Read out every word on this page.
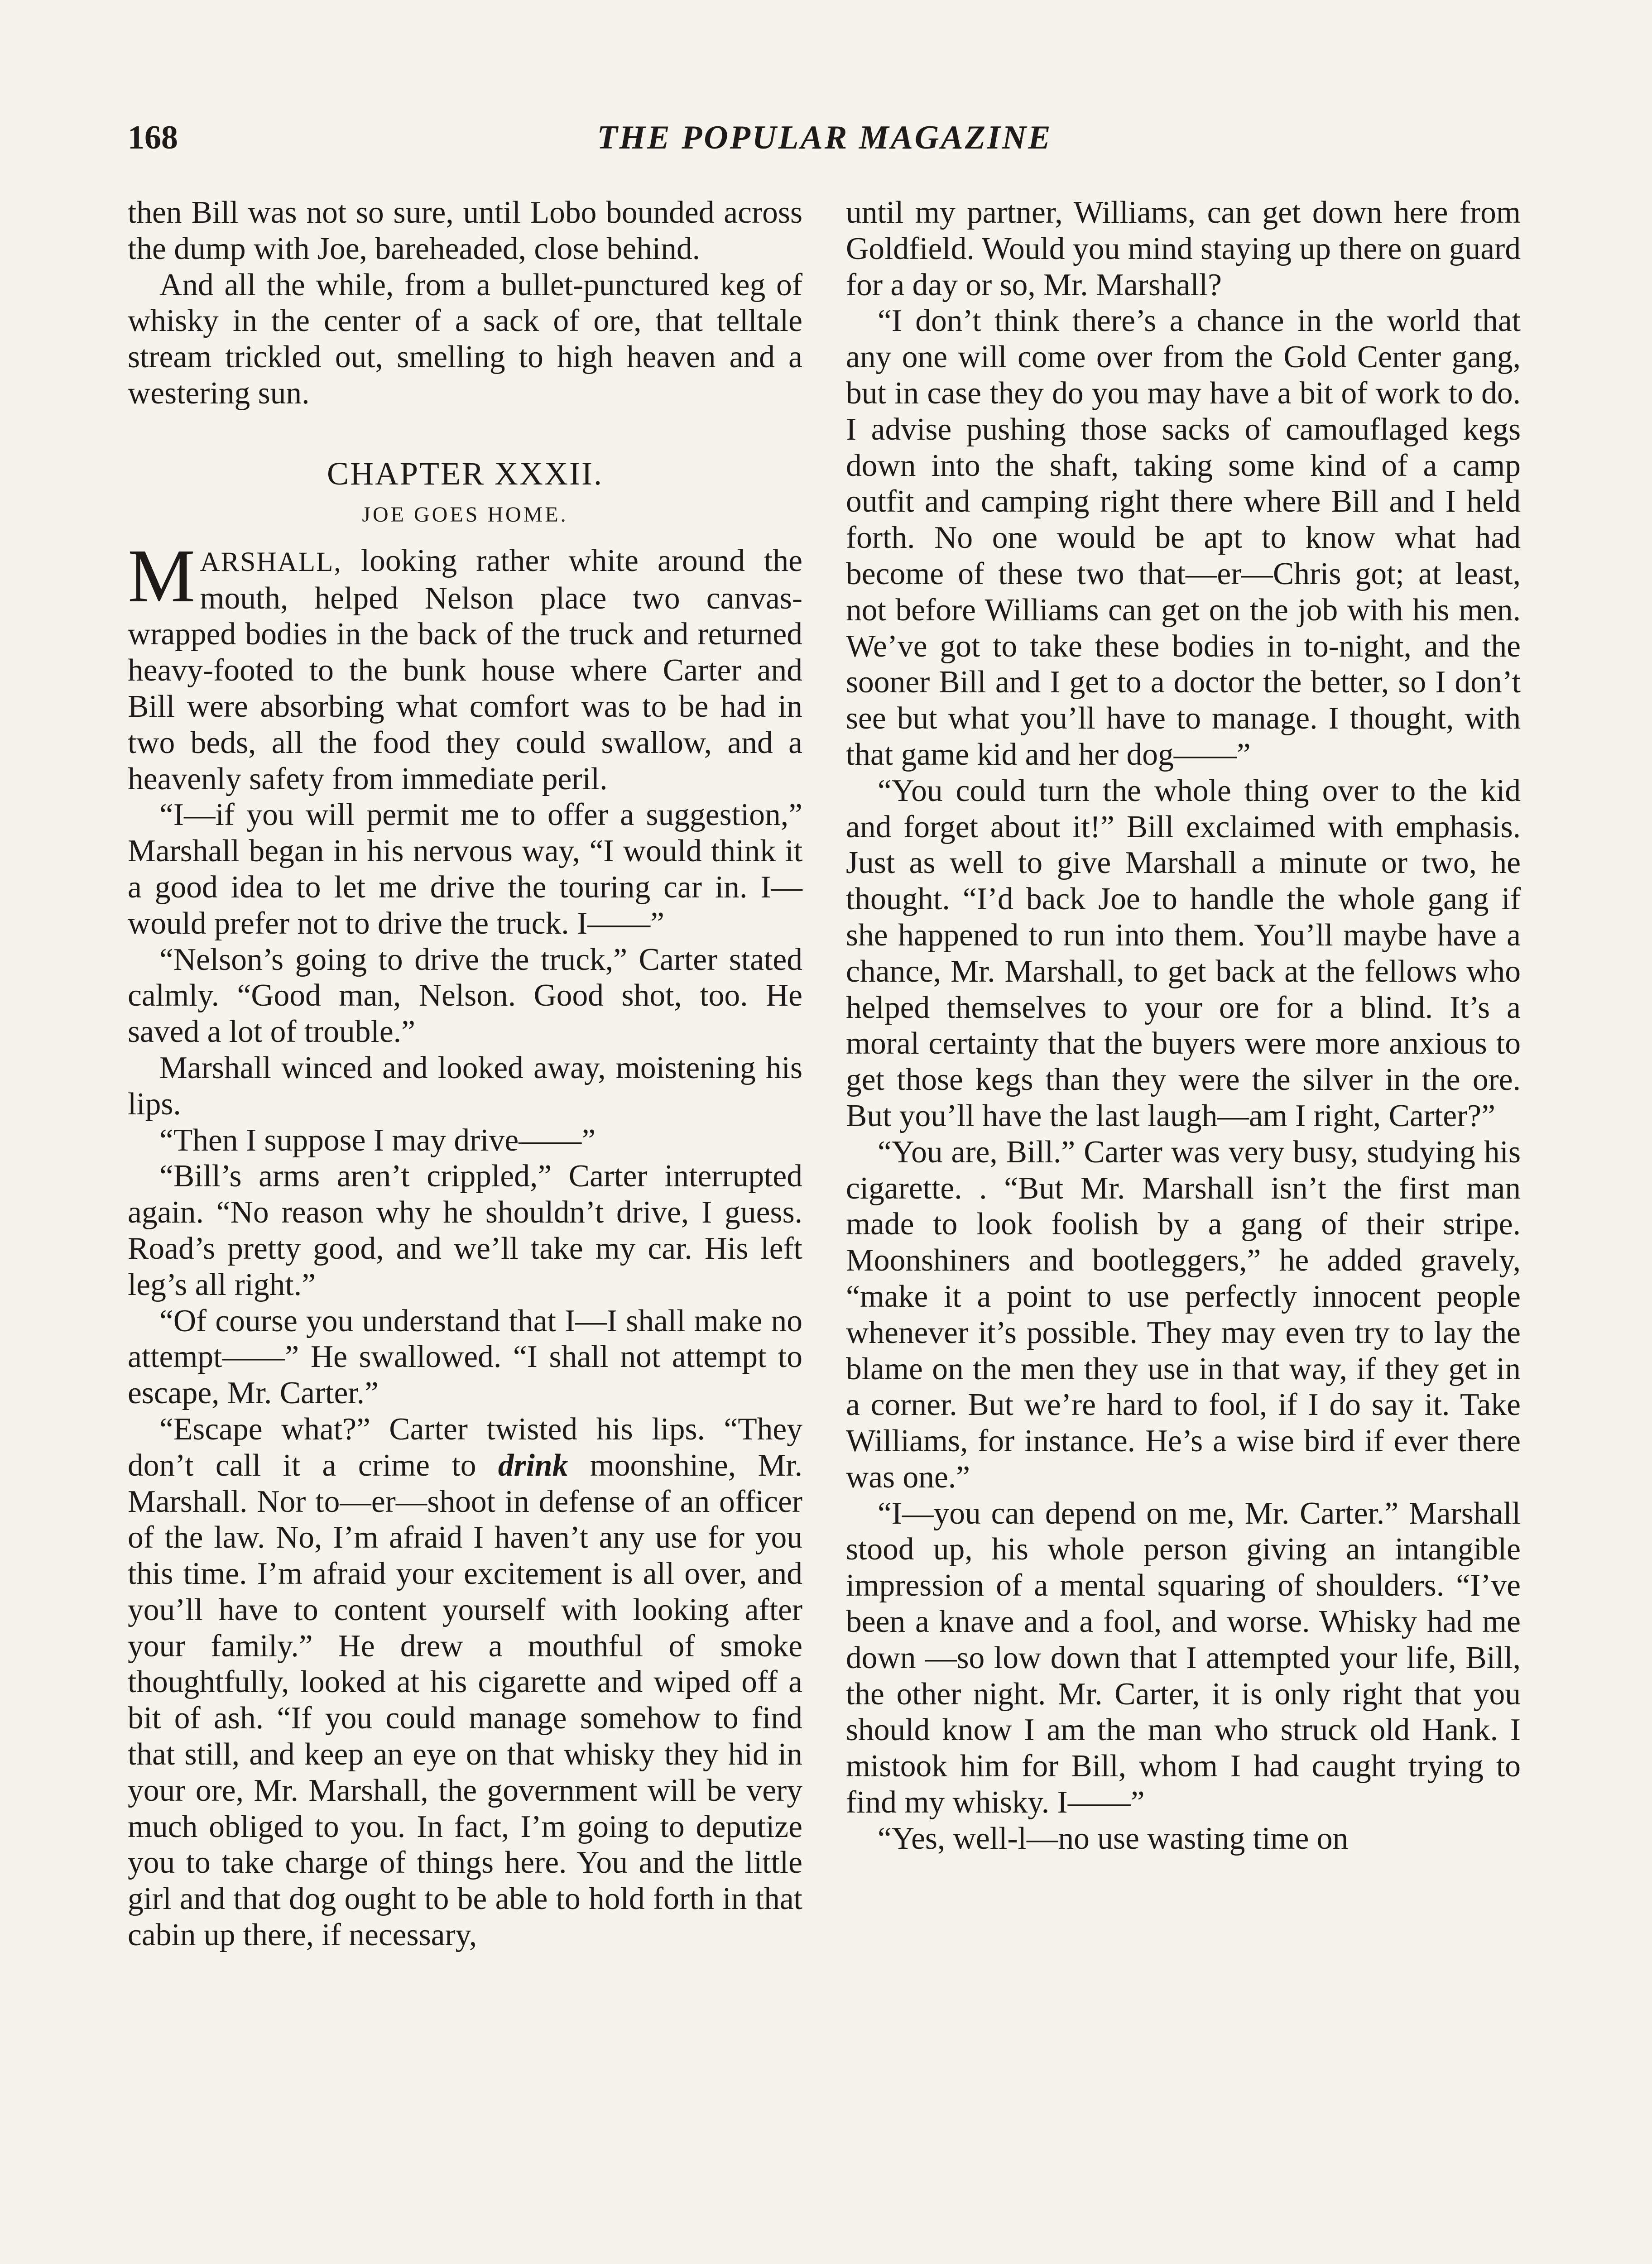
168	THE POPULAR MAGAZINE

then Bill was not so sure, until Lobo bounded across the dump with Joe, bareheaded, close behind.

And all the while, from a bullet-punctured keg of whisky in the center of a sack of ore, that telltale stream trickled out, smelling to high heaven and a westering sun.

CHAPTER XXXII.
JOE GOES HOME.

MARSHALL, looking rather white around the mouth, helped Nelson place two canvas-wrapped bodies in the back of the truck and returned heavy-footed to the bunk house where Carter and Bill were absorbing what comfort was to be had in two beds, all the food they could swallow, and a heavenly safety from immediate peril.

“I—if you will permit me to offer a suggestion,” Marshall began in his nervous way, “I would think it a good idea to let me drive the touring car in. I—would prefer not to drive the truck. I——”

“Nelson’s going to drive the truck,” Carter stated calmly. “Good man, Nelson. Good shot, too. He saved a lot of trouble.”

Marshall winced and looked away, moistening his lips.

“Then I suppose I may drive——”

“Bill’s arms aren’t crippled,” Carter interrupted again. “No reason why he shouldn’t drive, I guess. Road’s pretty good, and we’ll take my car. His left leg’s all right.”

“Of course you understand that I—I shall make no attempt——” He swallowed. “I shall not attempt to escape, Mr. Carter.”

“Escape what?” Carter twisted his lips. “They don’t call it a crime to drink moonshine, Mr. Marshall. Nor to—er—shoot in defense of an officer of the law. No, I’m afraid I haven’t any use for you this time. I’m afraid your excitement is all over, and you’ll have to content yourself with looking after your family.” He drew a mouthful of smoke thoughtfully, looked at his cigarette and wiped off a bit of ash. “If you could manage somehow to find that still, and keep an eye on that whisky they hid in your ore, Mr. Marshall, the government will be very much obliged to you. In fact, I’m going to deputize you to take charge of things here. You and the little girl and that dog ought to be able to hold forth in that cabin up there, if necessary,

until my partner, Williams, can get down here from Goldfield. Would you mind staying up there on guard for a day or so, Mr. Marshall?

“I don’t think there’s a chance in the world that any one will come over from the Gold Center gang, but in case they do you may have a bit of work to do. I advise pushing those sacks of camouflaged kegs down into the shaft, taking some kind of a camp outfit and camping right there where Bill and I held forth. No one would be apt to know what had become of these two that—er—Chris got; at least, not before Williams can get on the job with his men. We’ve got to take these bodies in to-night, and the sooner Bill and I get to a doctor the better, so I don’t see but what you’ll have to manage. I thought, with that game kid and her dog——”

“You could turn the whole thing over to the kid and forget about it!” Bill exclaimed with emphasis. Just as well to give Marshall a minute or two, he thought. “I’d back Joe to handle the whole gang if she happened to run into them. You’ll maybe have a chance, Mr. Marshall, to get back at the fellows who helped themselves to your ore for a blind. It’s a moral certainty that the buyers were more anxious to get those kegs than they were the silver in the ore. But you’ll have the last laugh—am I right, Carter?”

“You are, Bill.” Carter was very busy, studying his cigarette. . “But Mr. Marshall isn’t the first man made to look foolish by a gang of their stripe. Moonshiners and bootleggers,” he added gravely, “make it a point to use perfectly innocent people whenever it’s possible. They may even try to lay the blame on the men they use in that way, if they get in a corner. But we’re hard to fool, if I do say it. Take Williams, for instance. He’s a wise bird if ever there was one.”

“I—you can depend on me, Mr. Carter.” Marshall stood up, his whole person giving an intangible impression of a mental squaring of shoulders. “I’ve been a knave and a fool, and worse. Whisky had me down —so low down that I attempted your life, Bill, the other night. Mr. Carter, it is only right that you should know I am the man who struck old Hank. I mistook him for Bill, whom I had caught trying to find my whisky. I——”

“Yes, well-l—no use wasting time on
